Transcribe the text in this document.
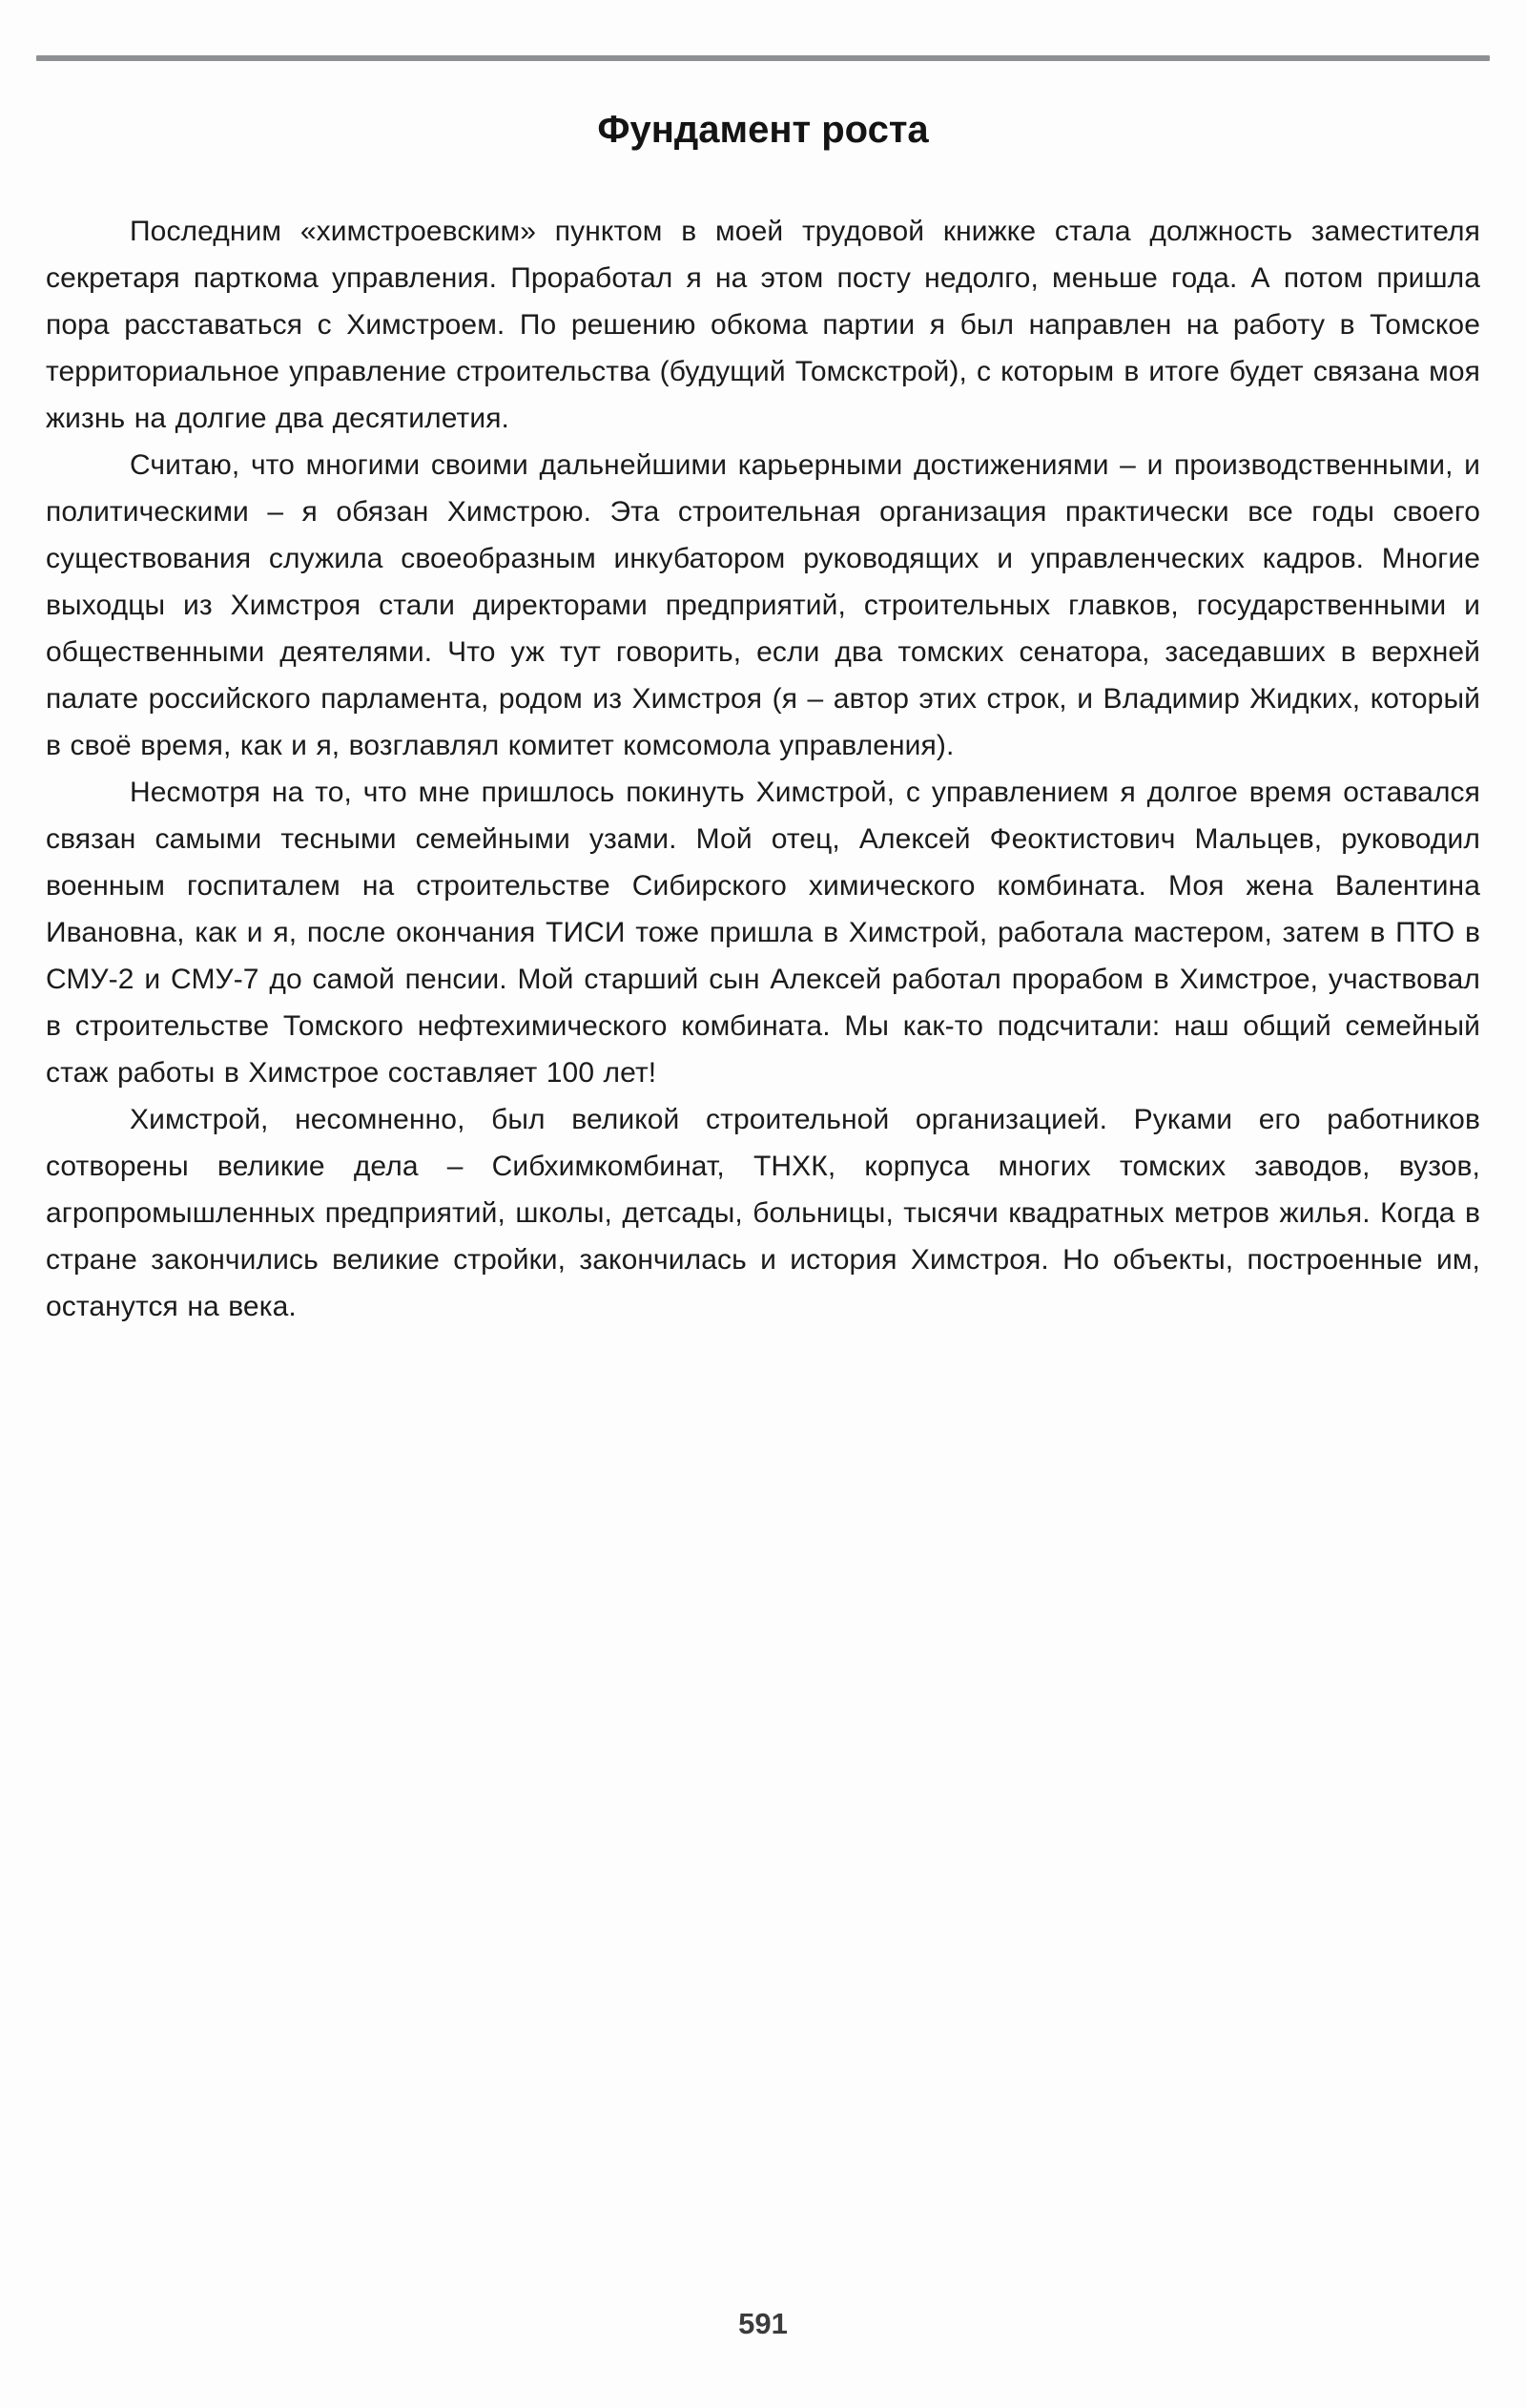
Фундамент роста

Последним «химстроевским» пунктом в моей трудовой книжке стала должность заместителя секретаря парткома управления. Проработал я на этом посту недолго, меньше года. А потом пришла пора расставаться с Химстроем. По решению обкома партии я был направлен на работу в Томское территориальное управление строительства (будущий Томскстрой), с которым в итоге будет связана моя жизнь на долгие два десятилетия.

Считаю, что многими своими дальнейшими карьерными достижениями – и производственными, и политическими – я обязан Химстрою. Эта строительная организация практически все годы своего существования служила своеобразным инкубатором руководящих и управленческих кадров. Многие выходцы из Химстроя стали директорами предприятий, строительных главков, государственными и общественными деятелями. Что уж тут говорить, если два томских сенатора, заседавших в верхней палате российского парламента, родом из Химстроя (я – автор этих строк, и Владимир Жидких, который в своё время, как и я, возглавлял комитет комсомола управления).

Несмотря на то, что мне пришлось покинуть Химстрой, с управлением я долгое время оставался связан самыми тесными семейными узами. Мой отец, Алексей Феоктистович Мальцев, руководил военным госпиталем на строительстве Сибирского химического комбината. Моя жена Валентина Ивановна, как и я, после окончания ТИСИ тоже пришла в Химстрой, работала мастером, затем в ПТО в СМУ-2 и СМУ-7 до самой пенсии. Мой старший сын Алексей работал прорабом в Химстрое, участвовал в строительстве Томского нефтехимического комбината. Мы как-то подсчитали: наш общий семейный стаж работы в Химстрое составляет 100 лет!

Химстрой, несомненно, был великой строительной организацией. Руками его работников сотворены великие дела – Сибхимкомбинат, ТНХК, корпуса многих томских заводов, вузов, агропромышленных предприятий, школы, детсады, больницы, тысячи квадратных метров жилья. Когда в стране закончились великие стройки, закончилась и история Химстроя. Но объекты, построенные им, останутся на века.

591
